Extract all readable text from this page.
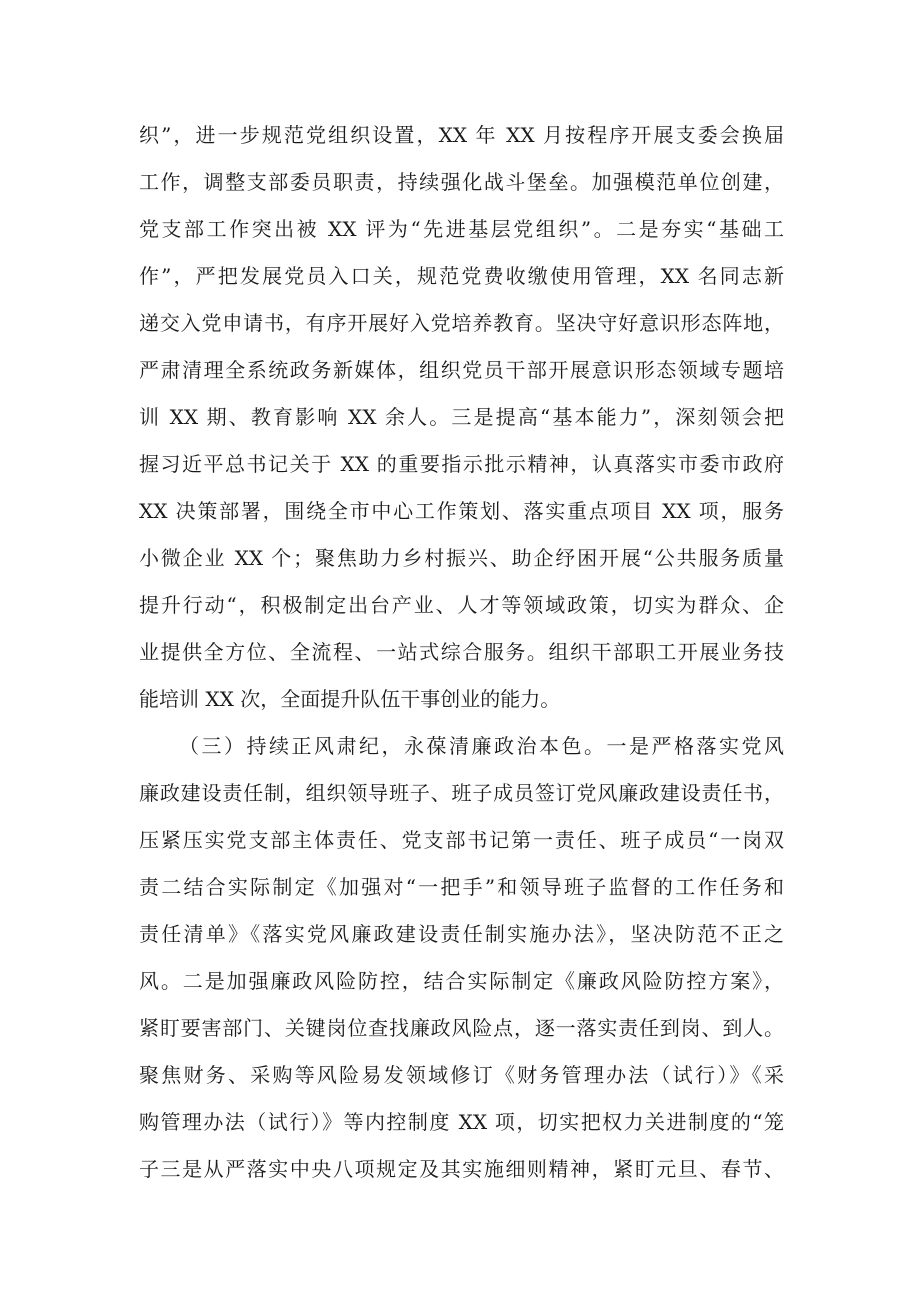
织”，进一步规范党组织设置，XX 年 XX 月按程序开展支委会换届
工作，调整支部委员职责，持续强化战斗堡垒。加强模范单位创建，
党支部工作突出被 XX 评为“先进基层党组织”。二是夯实“基础工
作”，严把发展党员入口关，规范党费收缴使用管理，XX 名同志新
递交入党申请书，有序开展好入党培养教育。坚决守好意识形态阵地，
严肃清理全系统政务新媒体，组织党员干部开展意识形态领域专题培
训 XX 期、教育影响 XX 余人。三是提高“基本能力”，深刻领会把
握习近平总书记关于 XX 的重要指示批示精神，认真落实市委市政府
XX 决策部署，围绕全市中心工作策划、落实重点项目 XX 项，服务
小微企业 XX 个；聚焦助力乡村振兴、助企纾困开展“公共服务质量
提升行动“，积极制定出台产业、人才等领域政策，切实为群众、企
业提供全方位、全流程、一站式综合服务。组织干部职工开展业务技
能培训 XX 次，全面提升队伍干事创业的能力。
（三）持续正风肃纪，永葆清廉政治本色。一是严格落实党风
廉政建设责任制，组织领导班子、班子成员签订党风廉政建设责任书，
压紧压实党支部主体责任、党支部书记第一责任、班子成员“一岗双
责二结合实际制定《加强对“一把手”和领导班子监督的工作任务和
责任清单》《落实党风廉政建设责任制实施办法》，坚决防范不正之
风。二是加强廉政风险防控，结合实际制定《廉政风险防控方案》，
紧盯要害部门、关键岗位查找廉政风险点，逐一落实责任到岗、到人。
聚焦财务、采购等风险易发领域修订《财务管理办法（试行）》《采
购管理办法（试行）》等内控制度 XX 项，切实把权力关进制度的“笼
子三是从严落实中央八项规定及其实施细则精神，紧盯元旦、春节、
